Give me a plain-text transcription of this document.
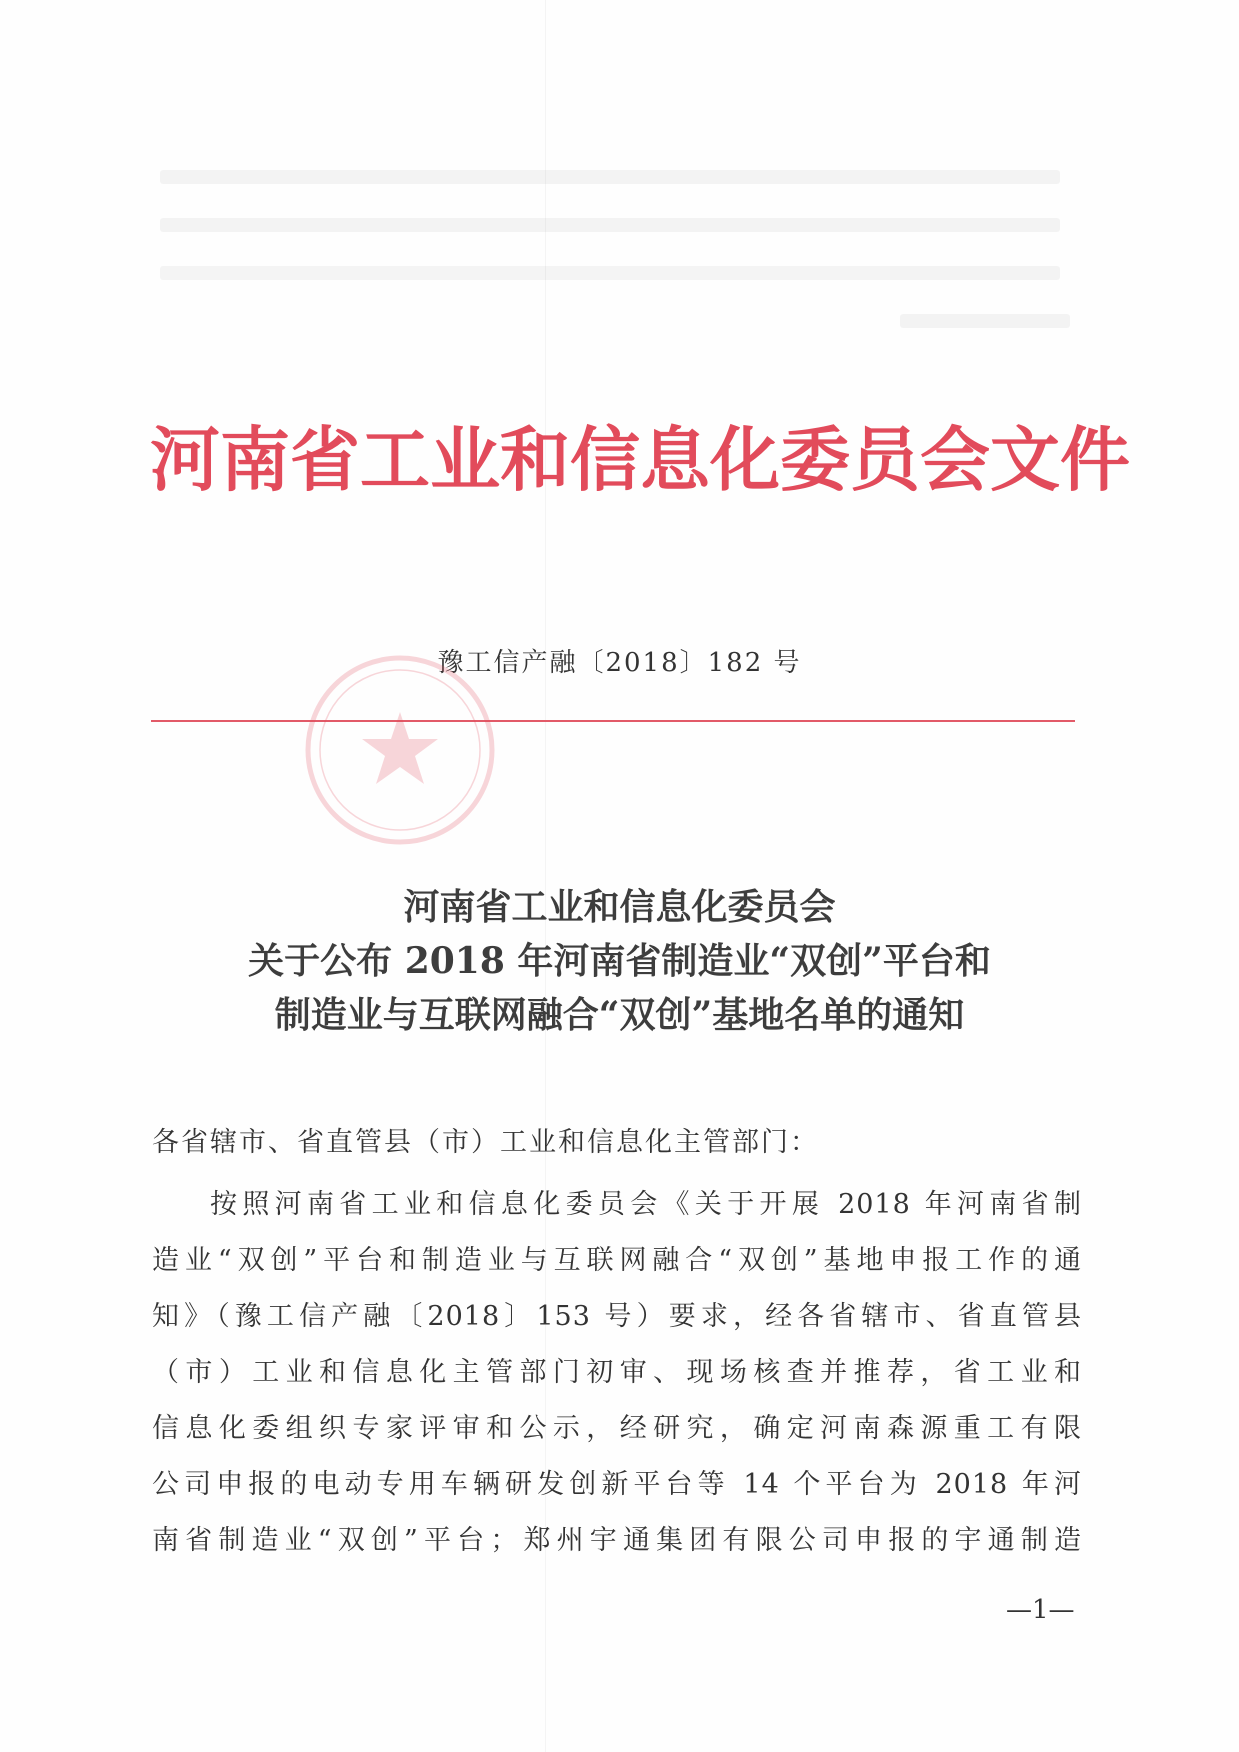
河南省工业和信息化委员会文件
豫工信产融〔2018〕182 号
河南省工业和信息化委员会
关于公布 2018 年河南省制造业“双创”平台和
制造业与互联网融合“双创”基地名单的通知
各省辖市、省直管县（市）工业和信息化主管部门：
按照河南省工业和信息化委员会《关于开展 2018 年河南省制
造业“双创”平台和制造业与互联网融合“双创”基地申报工作的通
知》（豫工信产融〔2018〕153 号）要求，经各省辖市、省直管县
（市）工业和信息化主管部门初审、现场核查并推荐，省工业和
信息化委组织专家评审和公示，经研究，确定河南森源重工有限
公司申报的电动专用车辆研发创新平台等 14 个平台为 2018 年河
南省制造业“双创”平台；郑州宇通集团有限公司申报的宇通制造
—1—
